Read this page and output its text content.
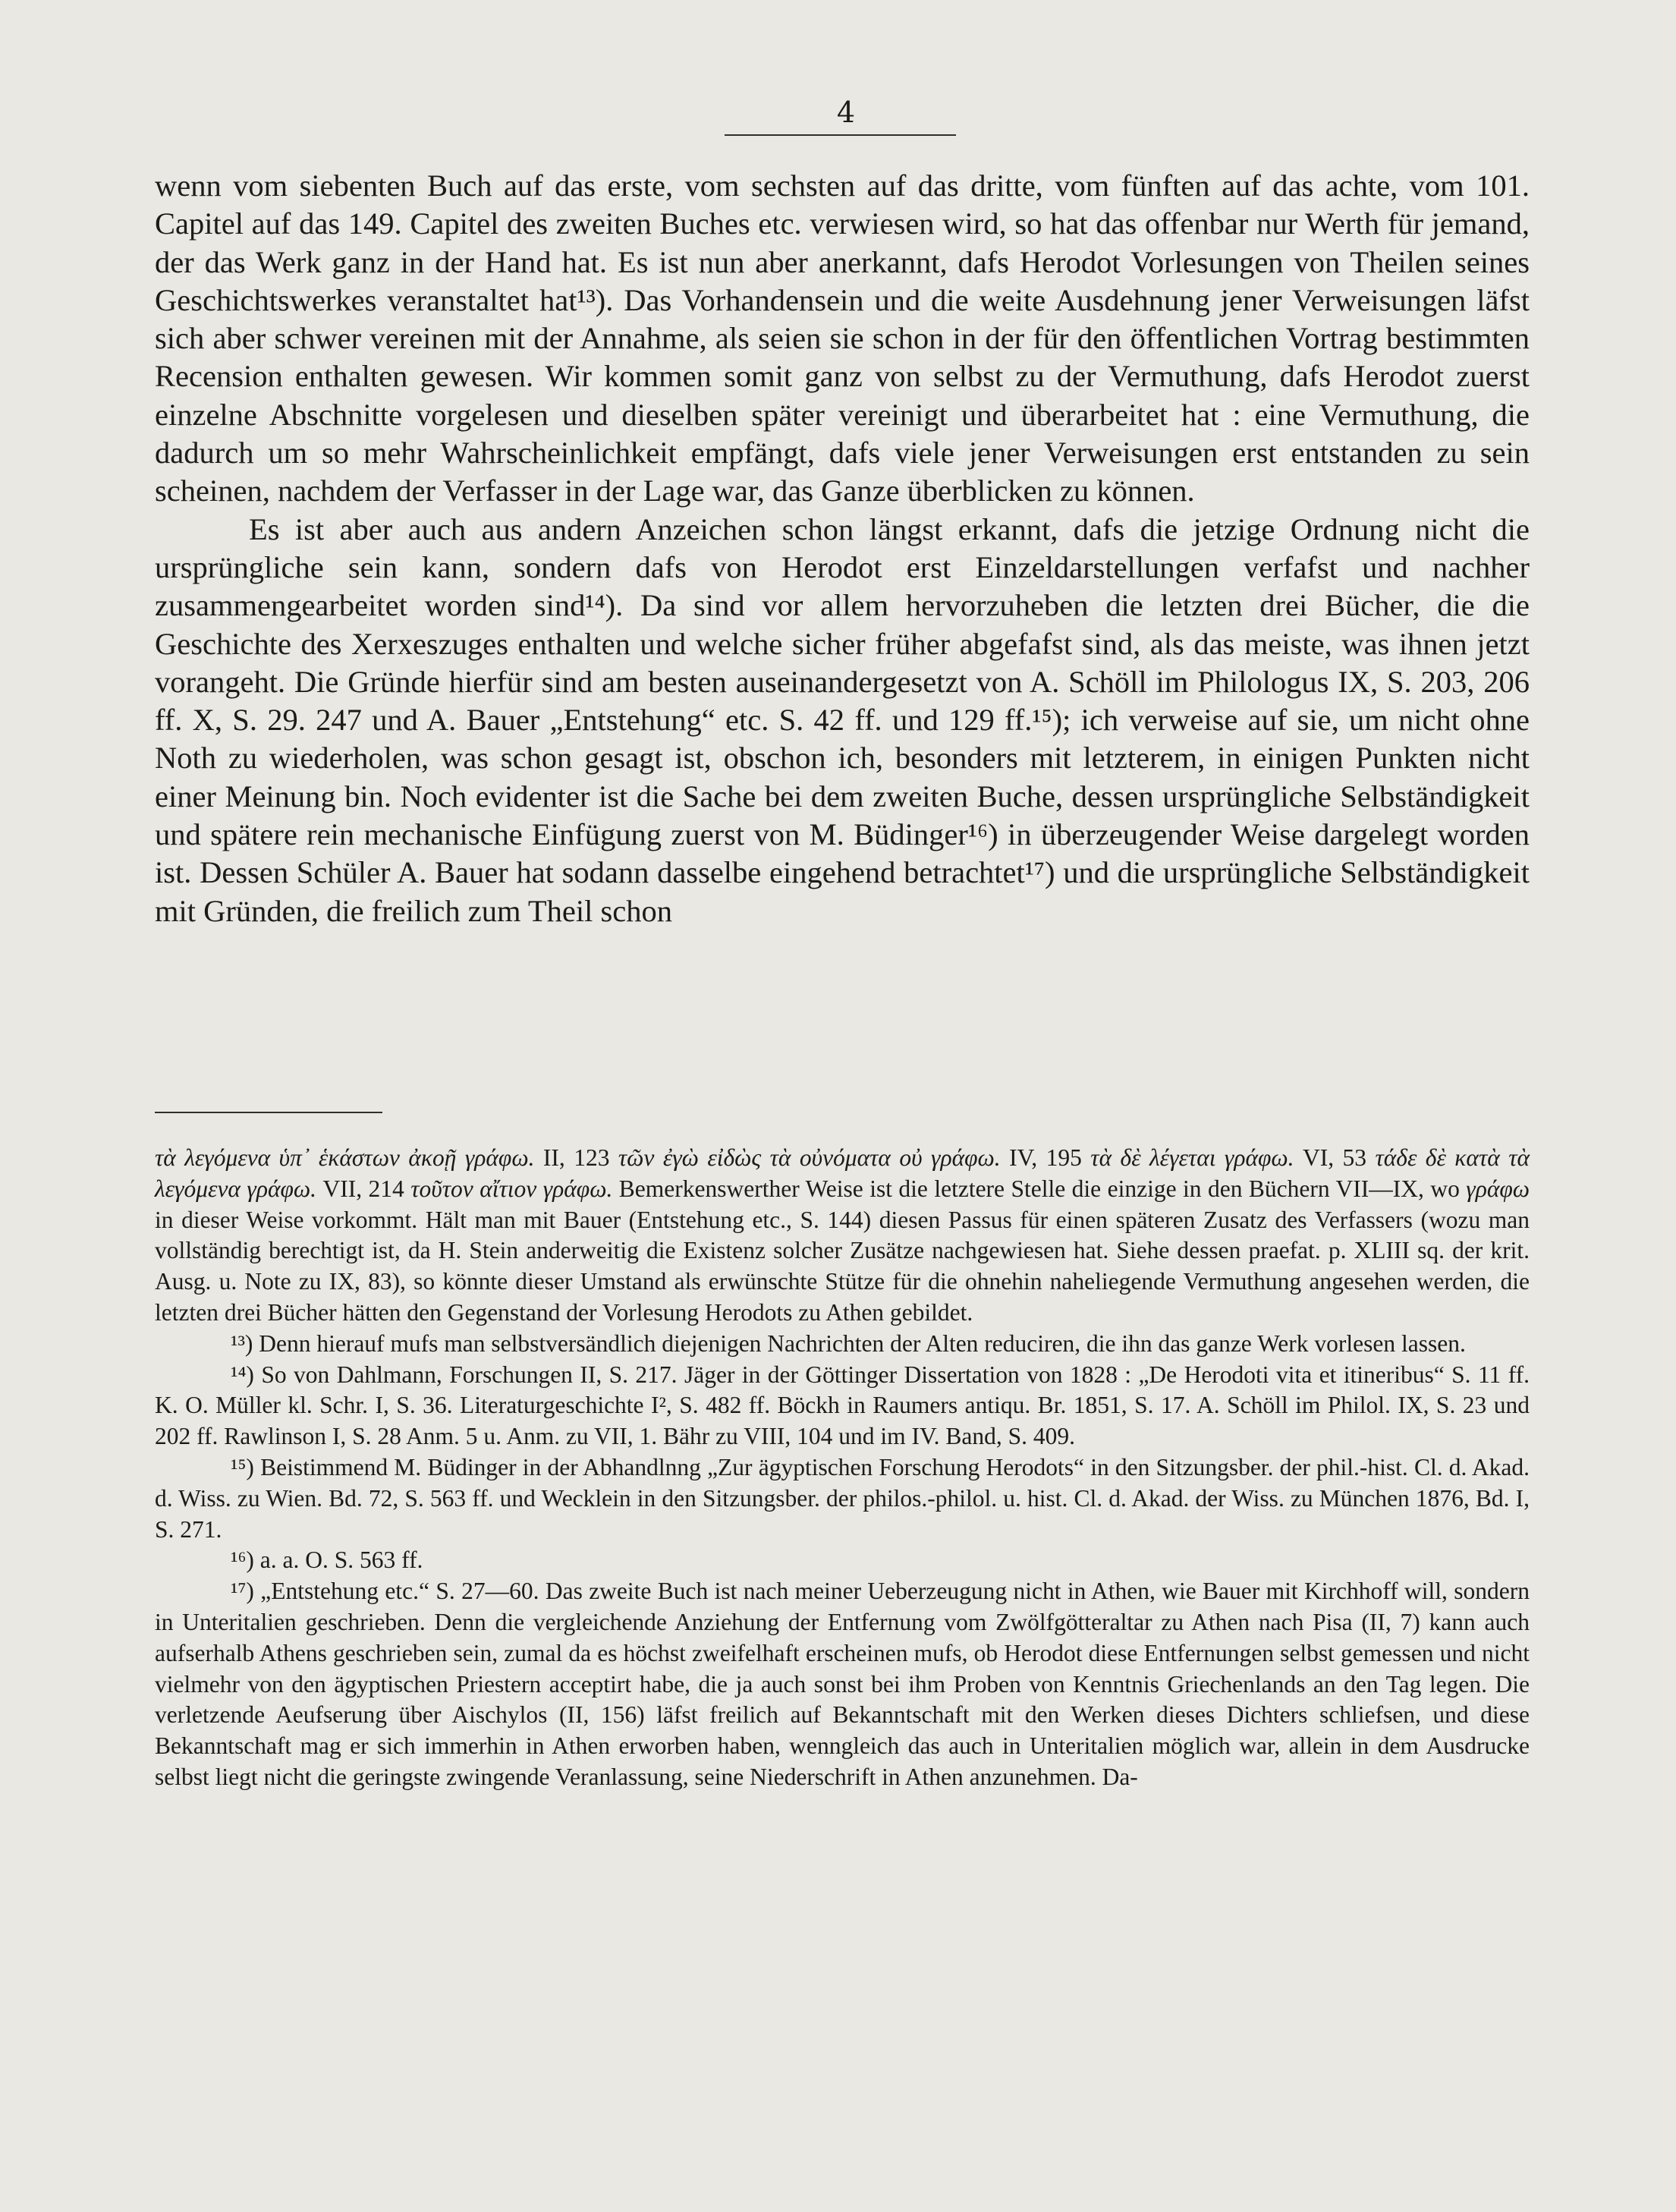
4

wenn vom siebenten Buch auf das erste, vom sechsten auf das dritte, vom fünften auf das achte, vom 101. Capitel auf das 149. Capitel des zweiten Buches etc. verwiesen wird, so hat das offenbar nur Werth für jemand, der das Werk ganz in der Hand hat. Es ist nun aber anerkannt, dafs Herodot Vorlesungen von Theilen seines Geschichtswerkes veranstaltet hat¹³). Das Vorhandensein und die weite Ausdehnung jener Verweisungen läfst sich aber schwer vereinen mit der Annahme, als seien sie schon in der für den öffentlichen Vortrag bestimmten Recension enthalten gewesen. Wir kommen somit ganz von selbst zu der Vermuthung, dafs Herodot zuerst einzelne Abschnitte vorgelesen und dieselben später vereinigt und überarbeitet hat : eine Vermuthung, die dadurch um so mehr Wahrscheinlichkeit empfängt, dafs viele jener Verweisungen erst entstanden zu sein scheinen, nachdem der Verfasser in der Lage war, das Ganze überblicken zu können.

Es ist aber auch aus andern Anzeichen schon längst erkannt, dafs die jetzige Ordnung nicht die ursprüngliche sein kann, sondern dafs von Herodot erst Einzeldarstellungen verfafst und nachher zusammengearbeitet worden sind¹⁴). Da sind vor allem hervorzuheben die letzten drei Bücher, die die Geschichte des Xerxeszuges enthalten und welche sicher früher abgefafst sind, als das meiste, was ihnen jetzt vorangeht. Die Gründe hierfür sind am besten auseinandergesetzt von A. Schöll im Philologus IX, S. 203, 206 ff. X, S. 29. 247 und A. Bauer „Entstehung“ etc. S. 42 ff. und 129 ff.¹⁵); ich verweise auf sie, um nicht ohne Noth zu wiederholen, was schon gesagt ist, obschon ich, besonders mit letzterem, in einigen Punkten nicht einer Meinung bin. Noch evidenter ist die Sache bei dem zweiten Buche, dessen ursprüngliche Selbständigkeit und spätere rein mechanische Einfügung zuerst von M. Büdinger¹⁶) in überzeugender Weise dargelegt worden ist. Dessen Schüler A. Bauer hat sodann dasselbe eingehend betrachtet¹⁷) und die ursprüngliche Selbständigkeit mit Gründen, die freilich zum Theil schon

τὰ λεγόμενα ὑπ᾽ ἑκάστων ἀκοῇ γράφω. II, 123 τῶν ἐγὼ εἰδὼς τὰ οὐνόματα οὐ γράφω. IV, 195 τὰ δὲ λέγεται γράφω. VI, 53 τάδε δὲ κατὰ τὰ λεγόμενα γράφω. VII, 214 τοῦτον αἴτιον γράφω. Bemerkenswerther Weise ist die letztere Stelle die einzige in den Büchern VII—IX, wo γράφω in dieser Weise vorkommt. Hält man mit Bauer (Entstehung etc., S. 144) diesen Passus für einen späteren Zusatz des Verfassers (wozu man vollständig berechtigt ist, da H. Stein anderweitig die Existenz solcher Zusätze nachgewiesen hat. Siehe dessen praefat. p. XLIII sq. der krit. Ausg. u. Note zu IX, 83), so könnte dieser Umstand als erwünschte Stütze für die ohnehin naheliegende Vermuthung angesehen werden, die letzten drei Bücher hätten den Gegenstand der Vorlesung Herodots zu Athen gebildet.

¹³) Denn hierauf mufs man selbstversändlich diejenigen Nachrichten der Alten reduciren, die ihn das ganze Werk vorlesen lassen.

¹⁴) So von Dahlmann, Forschungen II, S. 217. Jäger in der Göttinger Dissertation von 1828 : „De Herodoti vita et itineribus“ S. 11 ff. K. O. Müller kl. Schr. I, S. 36. Literaturgeschichte I², S. 482 ff. Böckh in Raumers antiqu. Br. 1851, S. 17. A. Schöll im Philol. IX, S. 23 und 202 ff. Rawlinson I, S. 28 Anm. 5 u. Anm. zu VII, 1. Bähr zu VIII, 104 und im IV. Band, S. 409.

¹⁵) Beistimmend M. Büdinger in der Abhandlnng „Zur ägyptischen Forschung Herodots“ in den Sitzungsber. der phil.-hist. Cl. d. Akad. d. Wiss. zu Wien. Bd. 72, S. 563 ff. und Wecklein in den Sitzungsber. der philos.-philol. u. hist. Cl. d. Akad. der Wiss. zu München 1876, Bd. I, S. 271.

¹⁶) a. a. O. S. 563 ff.

¹⁷) „Entstehung etc.“ S. 27—60. Das zweite Buch ist nach meiner Ueberzeugung nicht in Athen, wie Bauer mit Kirchhoff will, sondern in Unteritalien geschrieben. Denn die vergleichende Anziehung der Entfernung vom Zwölfgötteraltar zu Athen nach Pisa (II, 7) kann auch aufserhalb Athens geschrieben sein, zumal da es höchst zweifelhaft erscheinen mufs, ob Herodot diese Entfernungen selbst gemessen und nicht vielmehr von den ägyptischen Priestern acceptirt habe, die ja auch sonst bei ihm Proben von Kenntnis Griechenlands an den Tag legen. Die verletzende Aeufserung über Aischylos (II, 156) läfst freilich auf Bekanntschaft mit den Werken dieses Dichters schliefsen, und diese Bekanntschaft mag er sich immerhin in Athen erworben haben, wenngleich das auch in Unteritalien möglich war, allein in dem Ausdrucke selbst liegt nicht die geringste zwingende Veranlassung, seine Niederschrift in Athen anzunehmen. Da-
